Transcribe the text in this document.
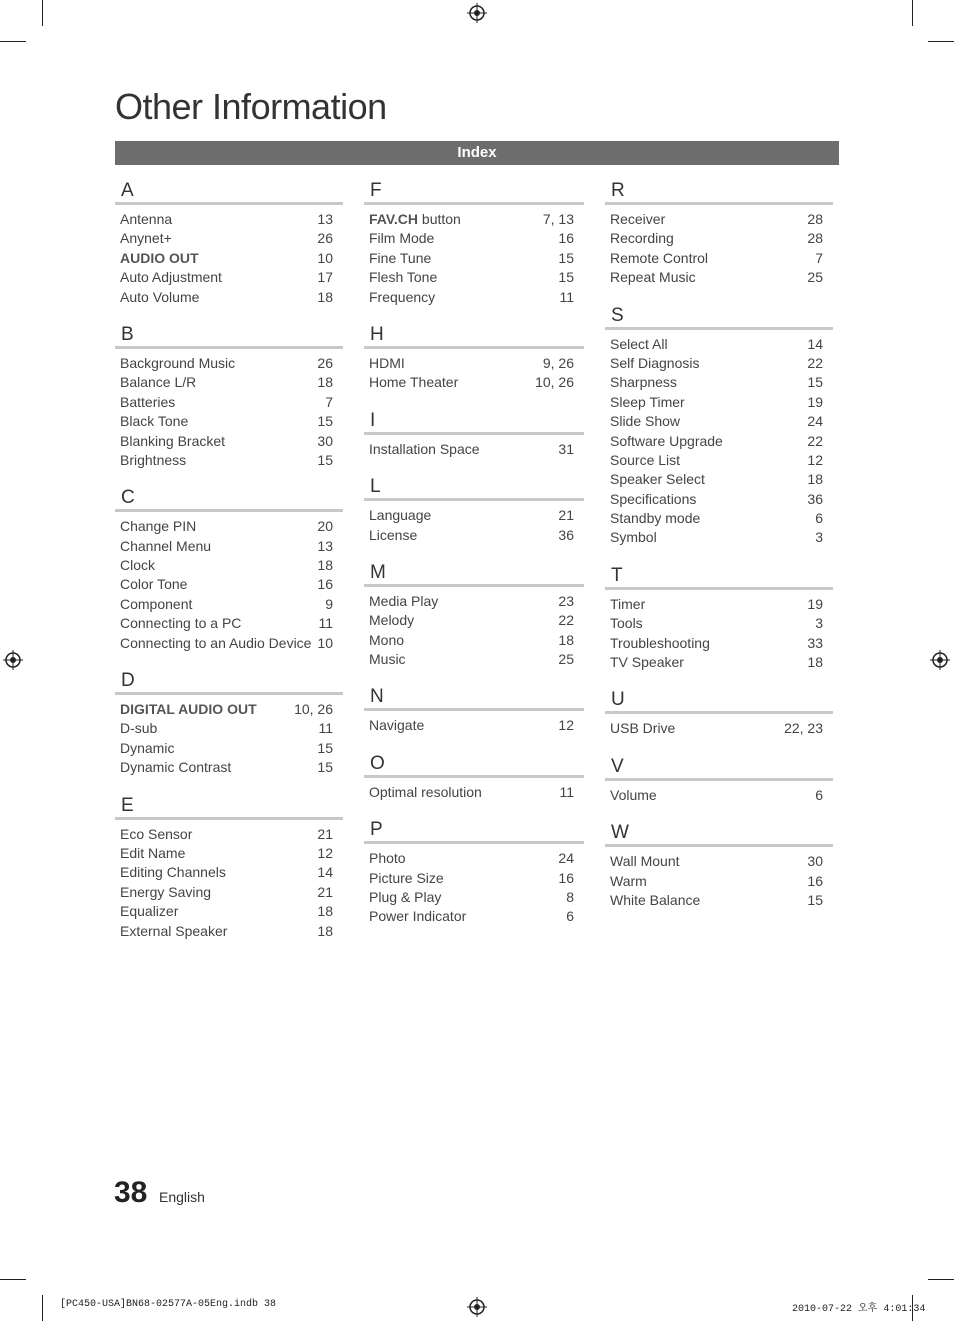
Other Information
Index
A
Antenna	13
Anynet+	26
AUDIO OUT	10
Auto Adjustment	17
Auto Volume	18
B
Background Music	26
Balance L/R	18
Batteries	7
Black Tone	15
Blanking Bracket	30
Brightness	15
C
Change PIN	20
Channel Menu	13
Clock	18
Color Tone	16
Component	9
Connecting to a PC	11
Connecting to an Audio Device 10
D
DIGITAL AUDIO OUT	10, 26
D-sub	11
Dynamic	15
Dynamic Contrast	15
E
Eco Sensor	21
Edit Name	12
Editing Channels	14
Energy Saving	21
Equalizer	18
External Speaker	18
F
FAV.CH button	7, 13
Film Mode	16
Fine Tune	15
Flesh Tone	15
Frequency	11
H
HDMI	9, 26
Home Theater	10, 26
I
Installation Space	31
L
Language	21
License	36
M
Media Play	23
Melody	22
Mono	18
Music	25
N
Navigate	12
O
Optimal resolution	11
P
Photo	24
Picture Size	16
Plug & Play	8
Power Indicator	6
R
Receiver	28
Recording	28
Remote Control	7
Repeat Music	25
S
Select All	14
Self Diagnosis	22
Sharpness	15
Sleep Timer	19
Slide Show	24
Software Upgrade	22
Source List	12
Speaker Select	18
Specifications	36
Standby mode	6
Symbol	3
T
Timer	19
Tools	3
Troubleshooting	33
TV Speaker	18
U
USB Drive	22, 23
V
Volume	6
W
Wall Mount	30
Warm	16
White Balance	15
38 English
[PC450-USA]BN68-02577A-05Eng.indb 38	2010-07-22 오후 4:01:34
